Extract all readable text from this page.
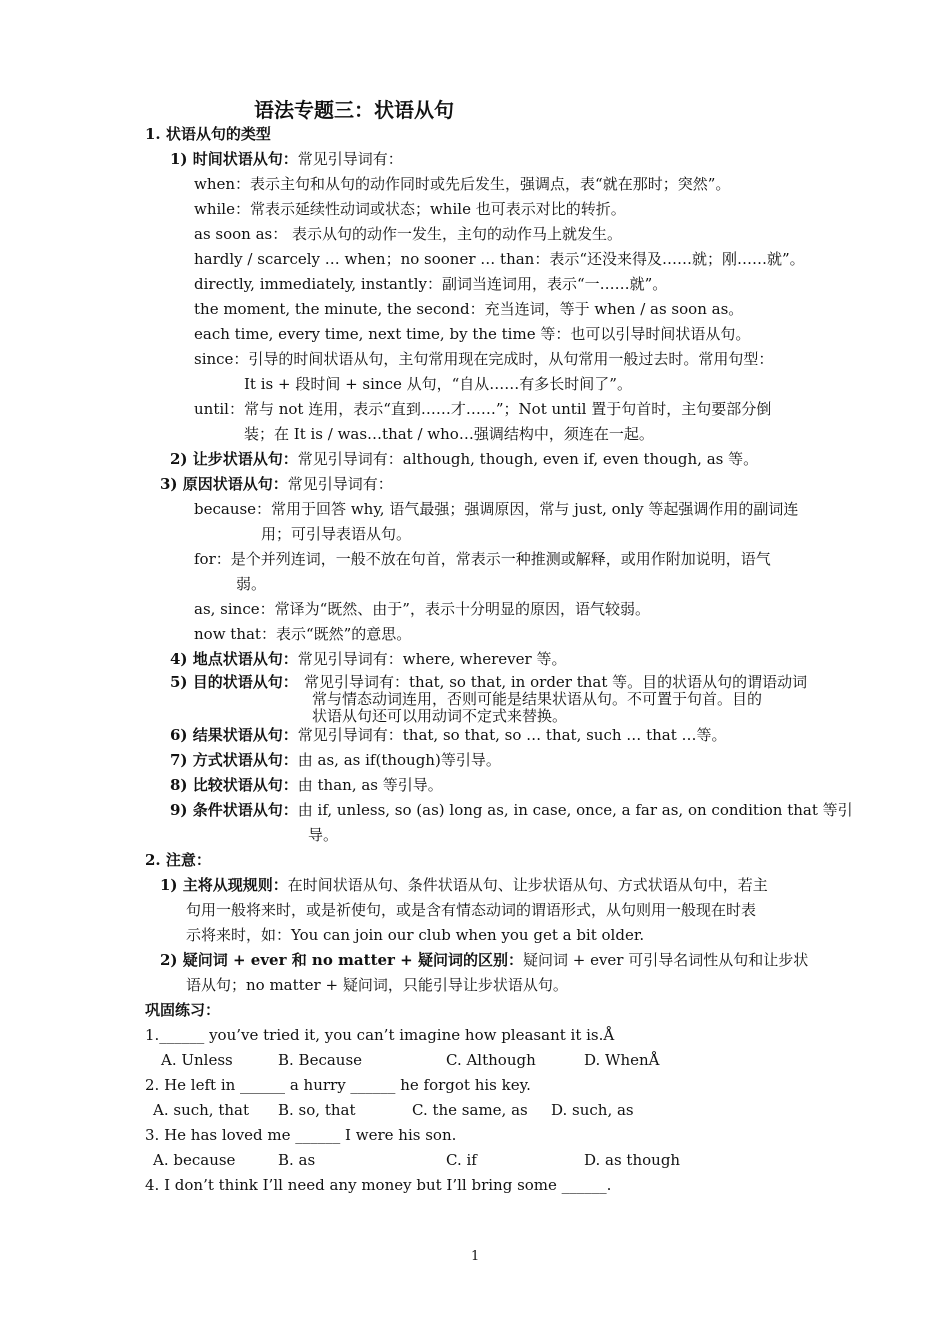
语法专题三：状语从句
1. 状语从句的类型
1) 时间状语从句：常见引导词有：
when：表示主句和从句的动作同时或先后发生，强调点，表“就在那时；突然”。
while：常表示延续性动词或状态；while 也可表示对比的转折。
as soon as： 表示从句的动作一发生，主句的动作马上就发生。
hardly / scarcely … when；no sooner … than：表示“还没来得及……就；刚……就”。
directly, immediately, instantly：副词当连词用，表示“一……就”。
the moment, the minute, the second：充当连词，等于 when / as soon as。
each time, every time, next time, by the time 等：也可以引导时间状语从句。
since：引导的时间状语从句，主句常用现在完成时，从句常用一般过去时。常用句型：
It is + 段时间 + since 从句，“自从……有多长时间了”。
until：常与 not 连用，表示“直到……才……”；Not until 置于句首时，主句要部分倒
装；在 It is / was…that / who…强调结构中，须连在一起。
2) 让步状语从句：常见引导词有：although, though, even if, even though, as 等。
3) 原因状语从句：常见引导词有：
because：常用于回答 why, 语气最强；强调原因，常与 just, only 等起强调作用的副词连
用；可引导表语从句。
for：是个并列连词，一般不放在句首，常表示一种推测或解释，或用作附加说明，语气
弱。
as, since：常译为“既然、由于”，表示十分明显的原因，语气较弱。
now that：表示“既然”的意思。
4) 地点状语从句：常见引导词有：where, wherever 等。
5) 目的状语从句： 常见引导词有：that, so that, in order that 等。目的状语从句的谓语动词
常与情态动词连用，否则可能是结果状语从句。不可置于句首。目的
状语从句还可以用动词不定式来替换。
6) 结果状语从句：常见引导词有：that, so that, so … that, such … that …等。
7) 方式状语从句：由 as, as if(though)等引导。
8) 比较状语从句：由 than, as 等引导。
9) 条件状语从句：由 if, unless, so (as) long as, in case, once, a far as, on condition that 等引
导。
2. 注意：
1) 主将从现规则：在时间状语从句、条件状语从句、让步状语从句、方式状语从句中，若主
句用一般将来时，或是祈使句，或是含有情态动词的谓语形式，从句则用一般现在时表
示将来时，如：You can join our club when you get a bit older.
2) 疑问词 + ever 和 no matter + 疑问词的区别：疑问词 + ever 可引导名词性从句和让步状
语从句；no matter + 疑问词，只能引导让步状语从句。
巩固练习：
1.______ you’ve tried it, you can’t imagine how pleasant it is.Å
A. Unless	B. Because	C. Although	D. WhenÅ
2. He left in ______ a hurry ______ he forgot his key.
A. such, that B. so, that	C. the same, as D. such, as
3. He has loved me ______ I were his son.
A. because	B. as	C. if	D. as though
4. I don’t think I’ll need any money but I’ll bring some ______.
1
